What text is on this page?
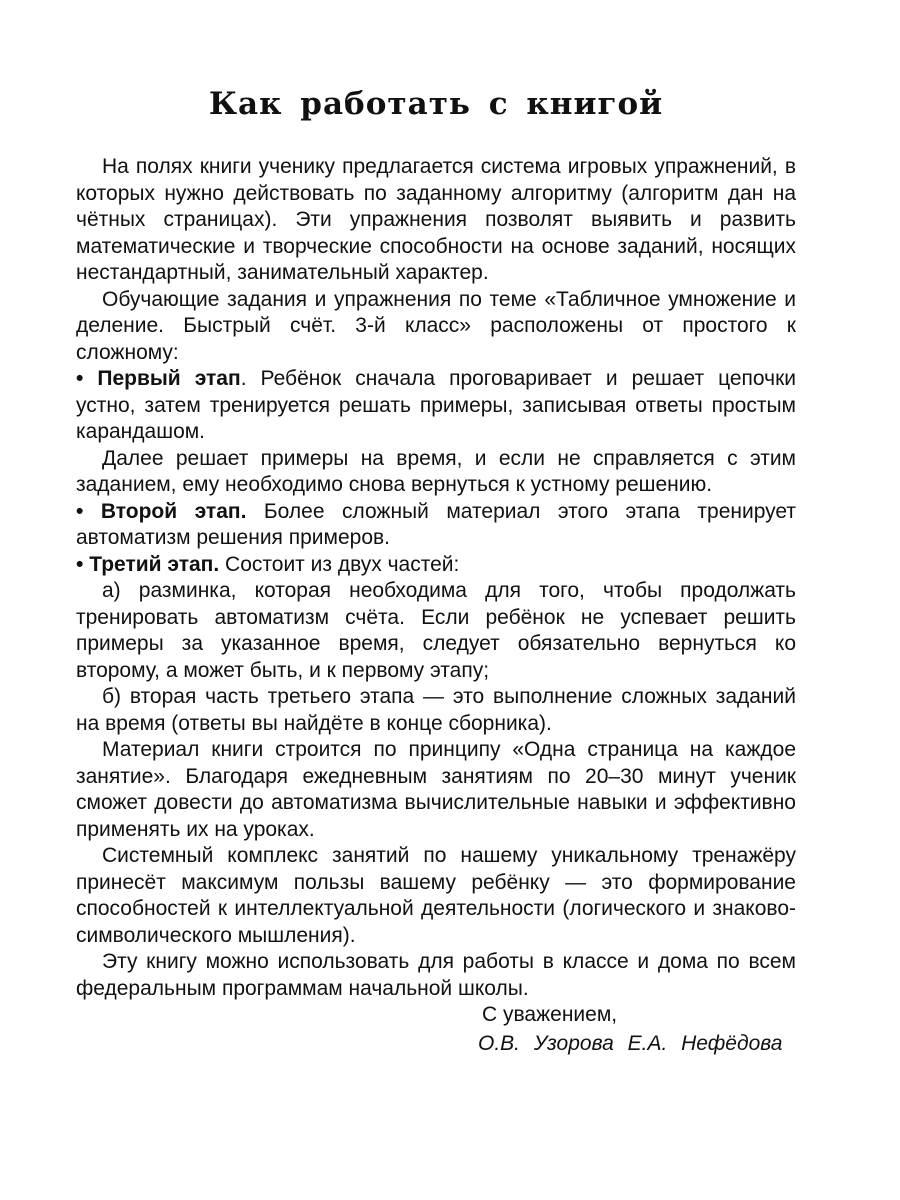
Как работать с книгой

На полях книги ученику предлагается система игровых упражнений, в которых нужно действовать по заданному алгоритму (алгоритм дан на чётных страницах). Эти упражнения позволят выявить и развить математические и творческие способности на основе заданий, носящих нестандартный, занимательный характер.

Обучающие задания и упражнения по теме «Табличное умножение и деление. Быстрый счёт. 3-й класс» расположены от простого к сложному:

• Первый этап. Ребёнок сначала проговаривает и решает цепочки устно, затем тренируется решать примеры, записывая ответы простым карандашом.

Далее решает примеры на время, и если не справляется с этим заданием, ему необходимо снова вернуться к устному решению.

• Второй этап. Более сложный материал этого этапа тренирует автоматизм решения примеров.

• Третий этап. Состоит из двух частей:

а) разминка, которая необходима для того, чтобы продолжать тренировать автоматизм счёта. Если ребёнок не успевает решить примеры за указанное время, следует обязательно вернуться ко второму, а может быть, и к первому этапу;

б) вторая часть третьего этапа — это выполнение сложных заданий на время (ответы вы найдёте в конце сборника).

Материал книги строится по принципу «Одна страница на каждое занятие». Благодаря ежедневным занятиям по 20–30 минут ученик сможет довести до автоматизма вычислительные навыки и эффективно применять их на уроках.

Системный комплекс занятий по нашему уникальному тренажёру принесёт максимум пользы вашему ребёнку — это формирование способностей к интеллектуальной деятельности (логического и знаково-символического мышления).

Эту книгу можно использовать для работы в классе и дома по всем федеральным программам начальной школы.

С уважением,

О.В. Узорова Е.А. Нефёдова
